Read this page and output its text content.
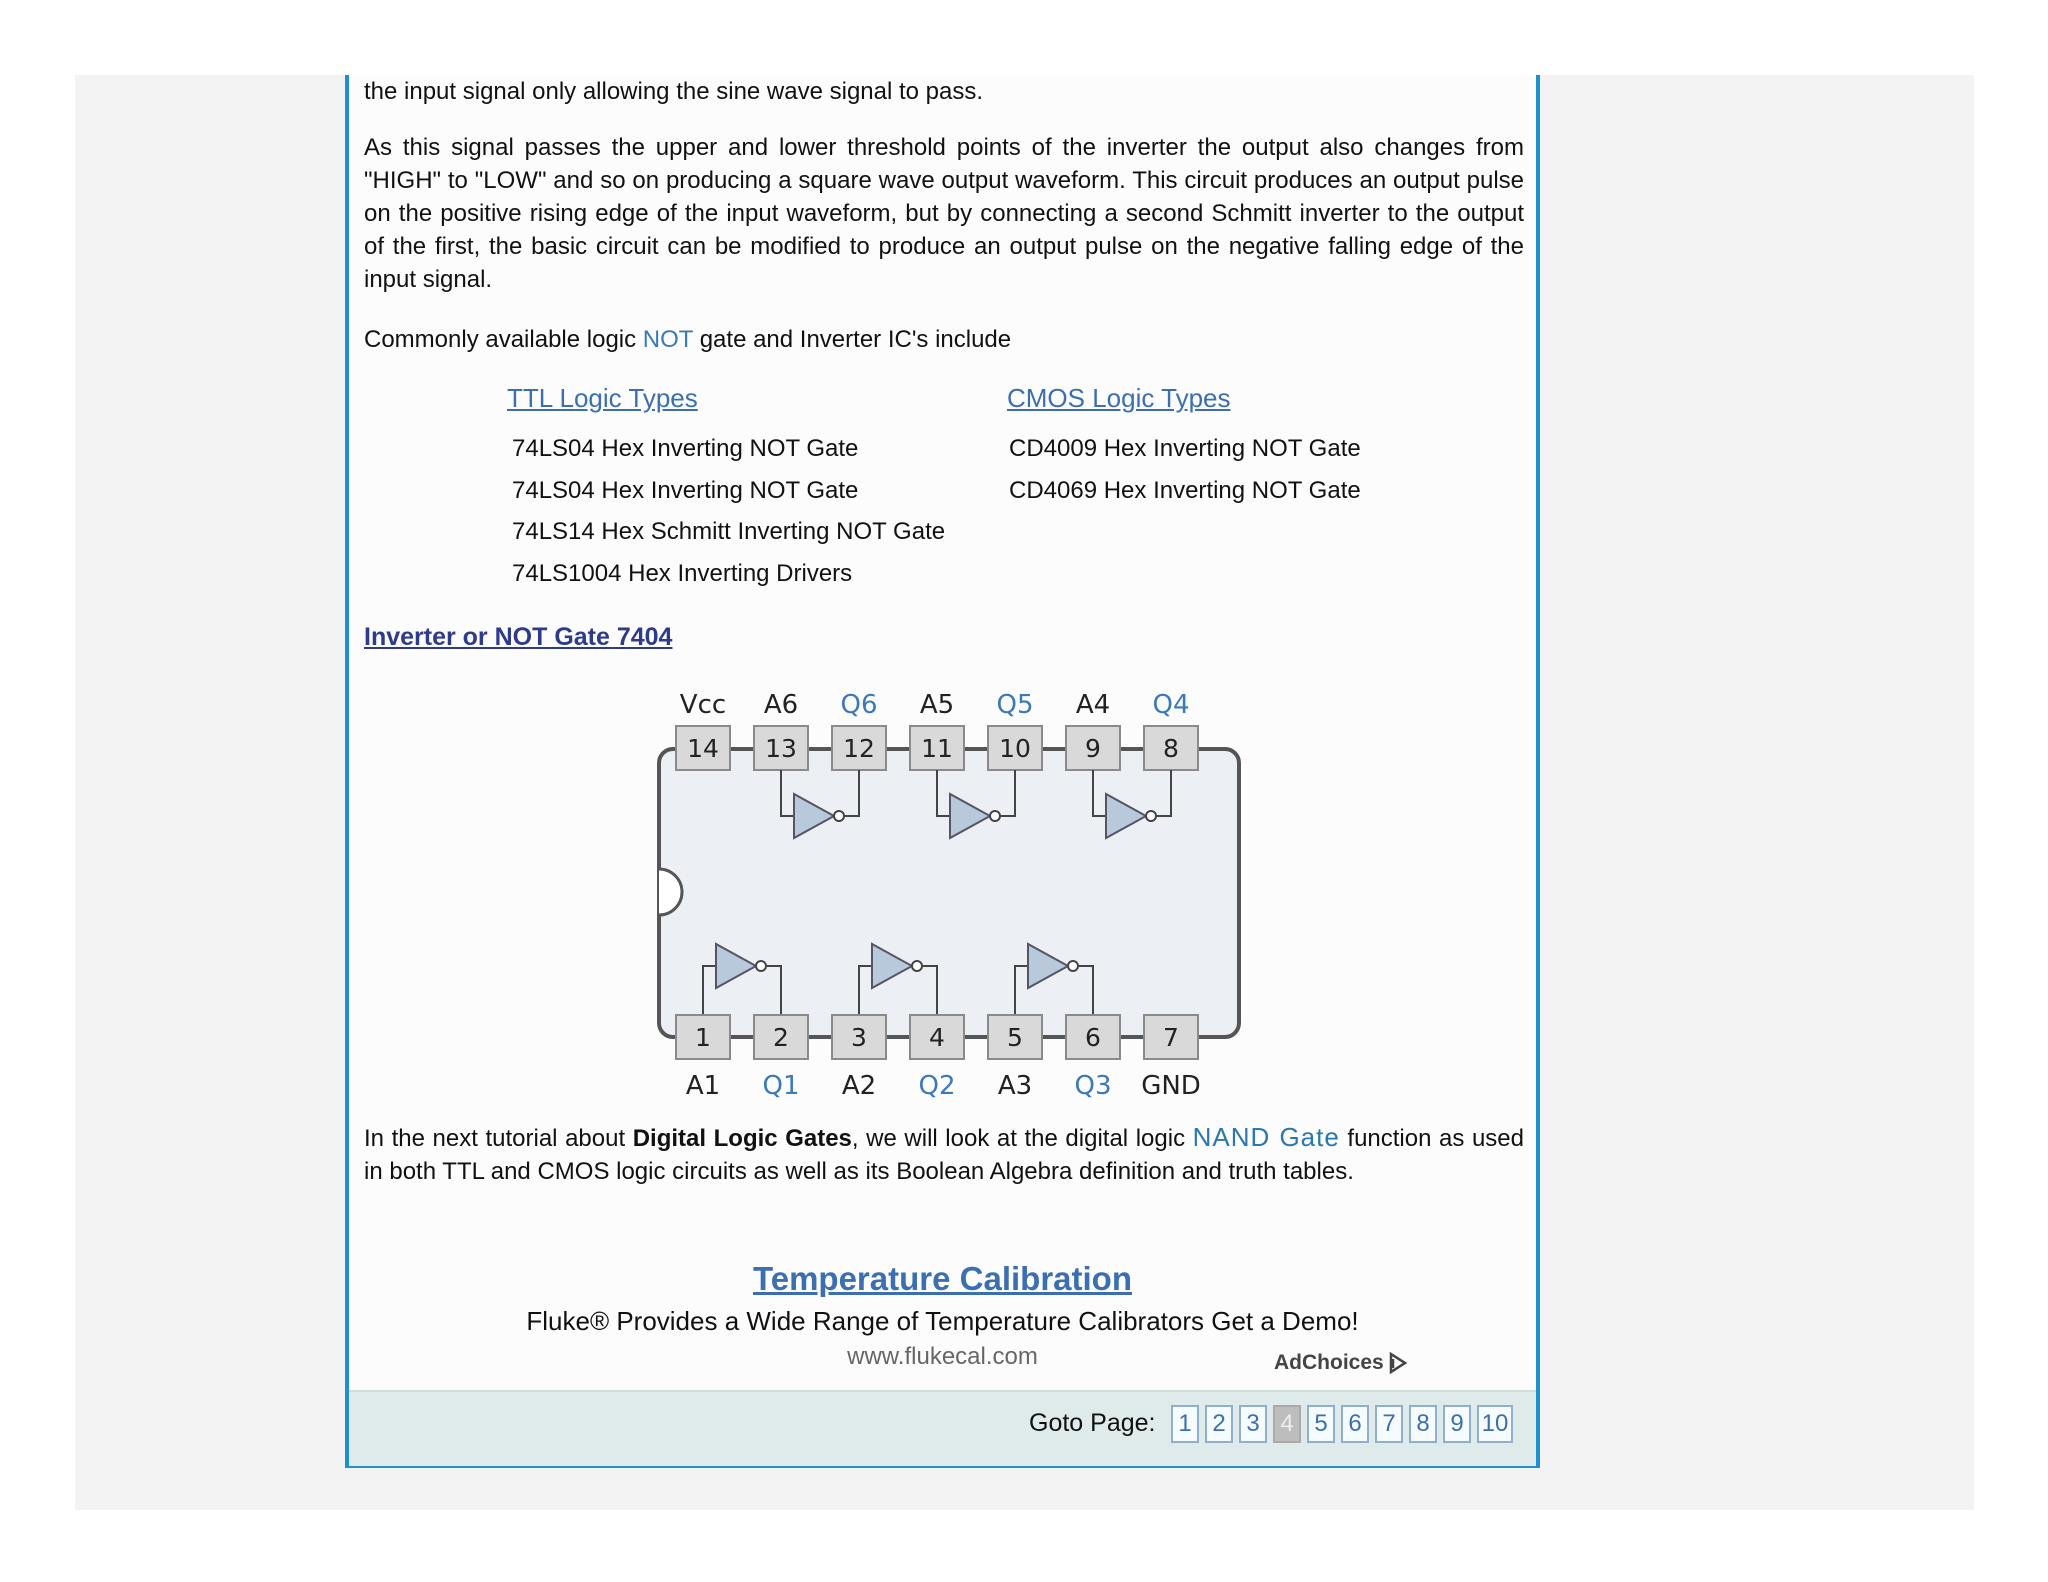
the input signal only allowing the sine wave signal to pass.

As this signal passes the upper and lower threshold points of the inverter the output also changes from "HIGH" to "LOW" and so on producing a square wave output waveform. This circuit produces an output pulse on the positive rising edge of the input waveform, but by connecting a second Schmitt inverter to the output of the first, the basic circuit can be modified to produce an output pulse on the negative falling edge of the input signal.

Commonly available logic NOT gate and Inverter IC's include

TTL Logic Types	CMOS Logic Types
74LS04 Hex Inverting NOT Gate
74LS04 Hex Inverting NOT Gate
74LS14 Hex Schmitt Inverting NOT Gate
74LS1004 Hex Inverting Drivers
CD4009 Hex Inverting NOT Gate
CD4069 Hex Inverting NOT Gate
Inverter or NOT Gate 7404
Vcc A6 Q6 A5 Q5 A4 Q4
14 13 12 11 10 9 8
1 2 3 4 5 6 7
A1 Q1 A2 Q2 A3 Q3 GND

In the next tutorial about Digital Logic Gates, we will look at the digital logic NAND Gate function as used in both TTL and CMOS logic circuits as well as its Boolean Algebra definition and truth tables.

Temperature Calibration
Fluke® Provides a Wide Range of Temperature Calibrators Get a Demo!
www.flukecal.com	AdChoices
Goto Page: 1 2 3 4 5 6 7 8 9 10
